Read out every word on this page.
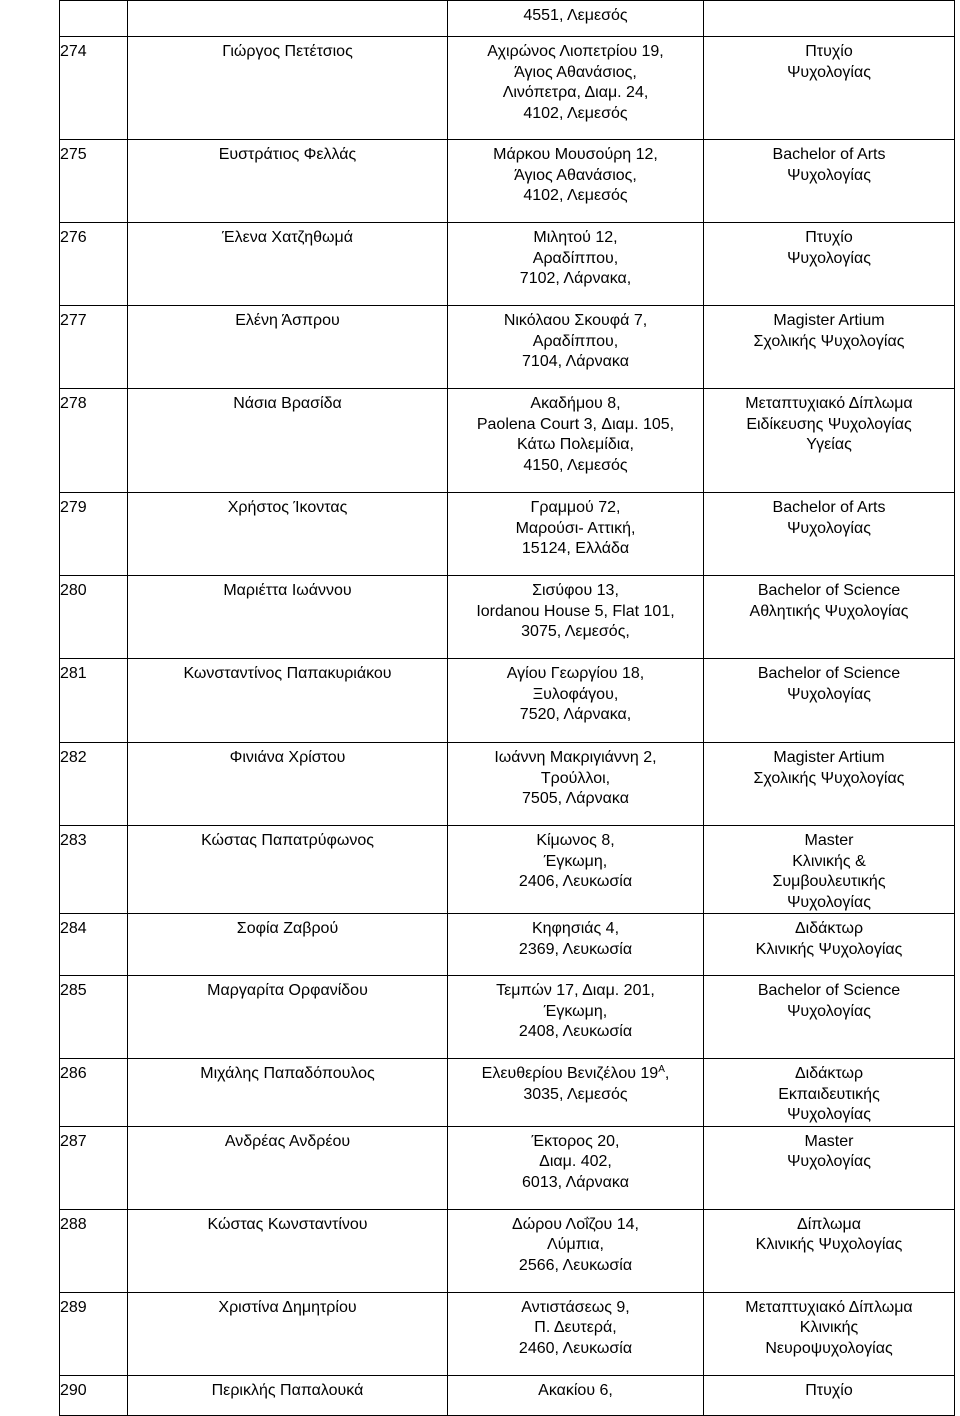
		4551, Λεμεσός	

274	Γιώργος Πετέτσιος	Αχιρώνος Λιοπετρίου 19,
Άγιος Αθανάσιος,
Λινόπετρα, Διαμ. 24,
4102, Λεμεσός	Πτυχίο
Ψυχολογίας

275	Ευστράτιος Φελλάς	Μάρκου Μουσούρη 12,
Άγιος Αθανάσιος,
4102, Λεμεσός	Bachelor of Arts
Ψυχολογίας

276	Έλενα Χατζηθωμά	Μιλητού 12,
Αραδίππου,
7102, Λάρνακα,	Πτυχίο
Ψυχολογίας

277	Ελένη Άσπρου	Νικόλαου Σκουφά 7,
Αραδίππου,
7104, Λάρνακα	Magister Artium
Σχολικής Ψυχολογίας

278	Νάσια Βρασίδα	Ακαδήμου 8,
Paolena Court 3, Διαμ. 105,
Κάτω Πολεμίδια,
4150, Λεμεσός	Μεταπτυχιακό Δίπλωμα
Ειδίκευσης Ψυχολογίας
Υγείας

279	Χρήστος Ίκοντας	Γραμμού 72,
Μαρούσι- Αττική,
15124, Ελλάδα	Bachelor of Arts
Ψυχολογίας

280	Μαριέττα Ιωάννου	Σισύφου 13,
Iordanou House 5, Flat 101,
3075, Λεμεσός,	Bachelor of Science
Αθλητικής Ψυχολογίας

281	Κωνσταντίνος Παπακυριάκου	Αγίου Γεωργίου 18,
Ξυλοφάγου,
7520, Λάρνακα,	Bachelor of Science
Ψυχολογίας

282	Φινιάνα Χρίστου	Ιωάννη Μακριγιάννη 2,
Τρούλλοι,
7505, Λάρνακα	Magister Artium
Σχολικής Ψυχολογίας

283	Κώστας Παπατρύφωνος	Κίμωνος 8,
Έγκωμη,
2406, Λευκωσία	Master
Κλινικής &
Συμβουλευτικής
Ψυχολογίας

284	Σοφία Ζαβρού	Κηφησιάς 4,
2369, Λευκωσία	Διδάκτωρ
Κλινικής Ψυχολογίας

285	Μαργαρίτα Ορφανίδου	Τεμπών 17, Διαμ. 201,
Έγκωμη,
2408, Λευκωσία	Bachelor of Science
Ψυχολογίας

286	Μιχάλης Παπαδόπουλος	Ελευθερίου Βενιζέλου $19^A$,
3035, Λεμεσός	Διδάκτωρ
Εκπαιδευτικής
Ψυχολογίας

287	Ανδρέας Ανδρέου	Έκτορος 20,
Διαμ. 402,
6013, Λάρνακα	Master
Ψυχολογίας

288	Κώστας Κωνσταντίνου	Δώρου Λοΐζου 14,
Λύμπια,
2566, Λευκωσία	Δίπλωμα
Κλινικής Ψυχολογίας

289	Χριστίνα Δημητρίου	Αντιστάσεως 9,
Π. Δευτερά,
2460, Λευκωσία	Μεταπτυχιακό Δίπλωμα
Κλινικής
Νευροψυχολογίας

290	Περικλής Παπαλουκά	Ακακίου 6,	Πτυχίο
